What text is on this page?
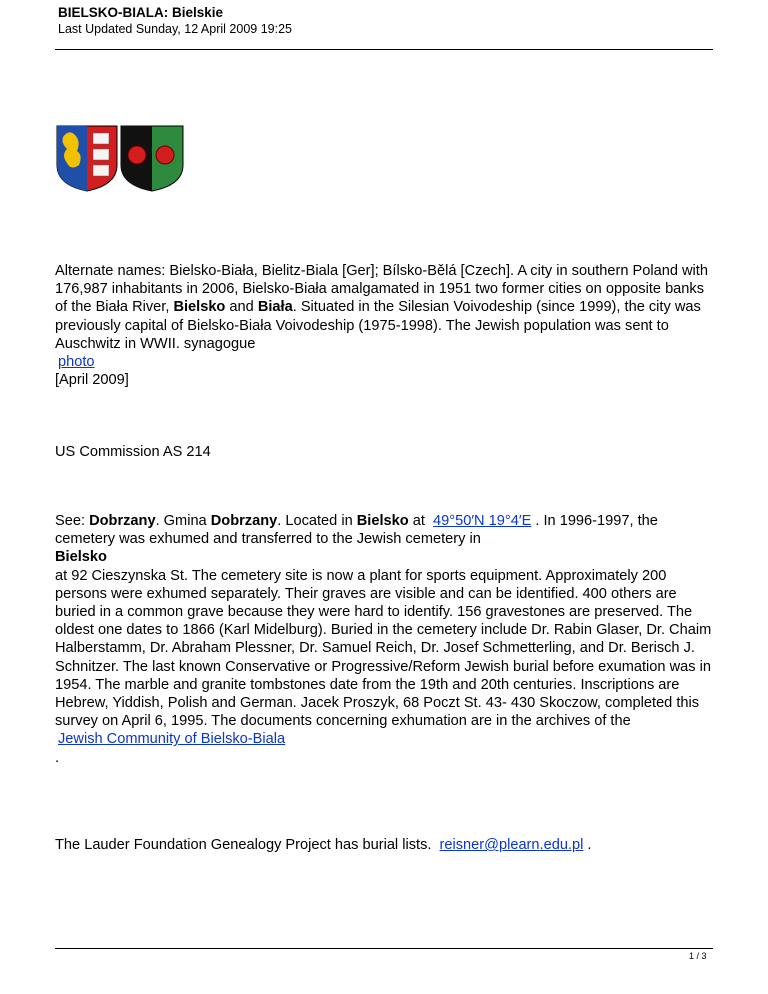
BIELSKO-BIALA: Bielskie
Last Updated Sunday, 12 April 2009 19:25
Alternate names: Bielsko-Biała, Bielitz-Biala [Ger]; Bílsko-Bělá [Czech]. A city in southern Poland with 176,987 inhabitants in 2006, Bielsko-Biała amalgamated in 1951 two former cities on opposite banks of the Biała River, Bielsko and Biała. Situated in the Silesian Voivodeship (since 1999), the city was previously capital of Bielsko-Biała Voivodeship (1975-1998). The Jewish population was sent to Auschwitz in WWII. synagogue
photo
[April 2009]
US Commission AS 214
See: Dobrzany. Gmina Dobrzany. Located in Bielsko at  49°50′N 19°4′E . In 1996-1997, the cemetery was exhumed and transferred to the Jewish cemetery in
Bielsko
at 92 Cieszynska St. The cemetery site is now a plant for sports equipment. Approximately 200 persons were exhumed separately. Their graves are visible and can be identified. 400 others are buried in a common grave because they were hard to identify. 156 gravestones are preserved. The oldest one dates to 1866 (Karl Midelburg). Buried in the cemetery include Dr. Rabin Glaser, Dr. Chaim Halberstamm, Dr. Abraham Plessner, Dr. Samuel Reich, Dr. Josef Schmetterling, and Dr. Berisch J. Schnitzer. The last known Conservative or Progressive/Reform Jewish burial before exumation was in 1954. The marble and granite tombstones date from the 19th and 20th centuries. Inscriptions are Hebrew, Yiddish, Polish and German. Jacek Proszyk, 68 Poczt St. 43- 430 Skoczow, completed this survey on April 6, 1995. The documents concerning exhumation are in the archives of the
Jewish Community of Bielsko-Biala
.
The Lauder Foundation Genealogy Project has burial lists.  reisner@plearn.edu.pl .
1 / 3
